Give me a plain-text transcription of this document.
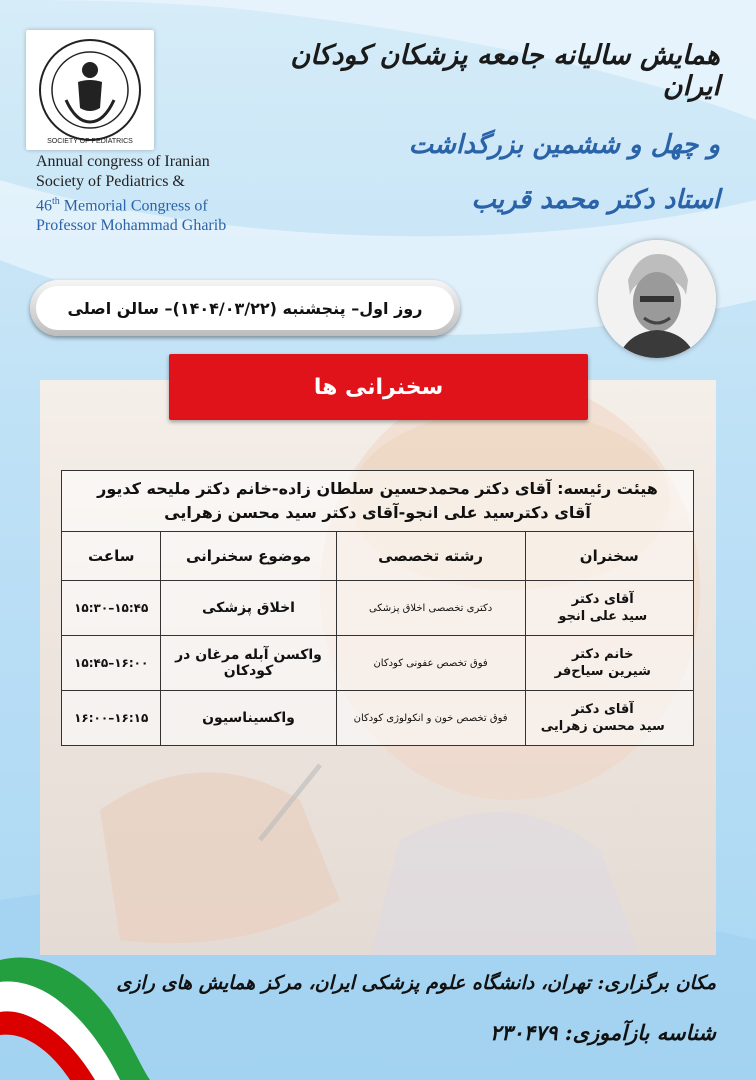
SOCIETY OF PEDIATRICS
Annual congress of Iranian
Society of Pediatrics &
46th Memorial Congress of
Professor Mohammad Gharib
همایش سالیانه جامعه پزشکان کودکان ایران
و چهل و ششمین بزرگداشت
استاد دکتر محمد قریب
روز اول– پنجشنبه (۱۴۰۴/۰۳/۲۲)– سالن اصلی
سخنرانی ها
هیئت رئیسه: آقای دکتر محمدحسین سلطان زاده-خانم دکتر ملیحه کدیور
آقای دکترسید علی انجو-آقای دکتر سید محسن زهرایی			

سخنران	رشته تخصصی	موضوع سخنرانی	ساعت

آقای دکتر
سید علی انجو	دکتری تخصصی اخلاق پزشکی	اخلاق پزشکی	۱۵:۳۰–۱۵:۴۵

خانم دکتر
شیرین سیاح‌فر	فوق تخصص عفونی کودکان	واکسن آبله مرغان در کودکان	۱۵:۴۵–۱۶:۰۰

آقای دکتر
سید محسن زهرایی	فوق تخصص خون و انکولوژی کودکان	واکسیناسیون	۱۶:۰۰–۱۶:۱۵
مکان برگزاری: تهران، دانشگاه علوم پزشکی ایران، مرکز همایش های رازی
شناسه بازآموزی: ۲۳۰۴۷۹
